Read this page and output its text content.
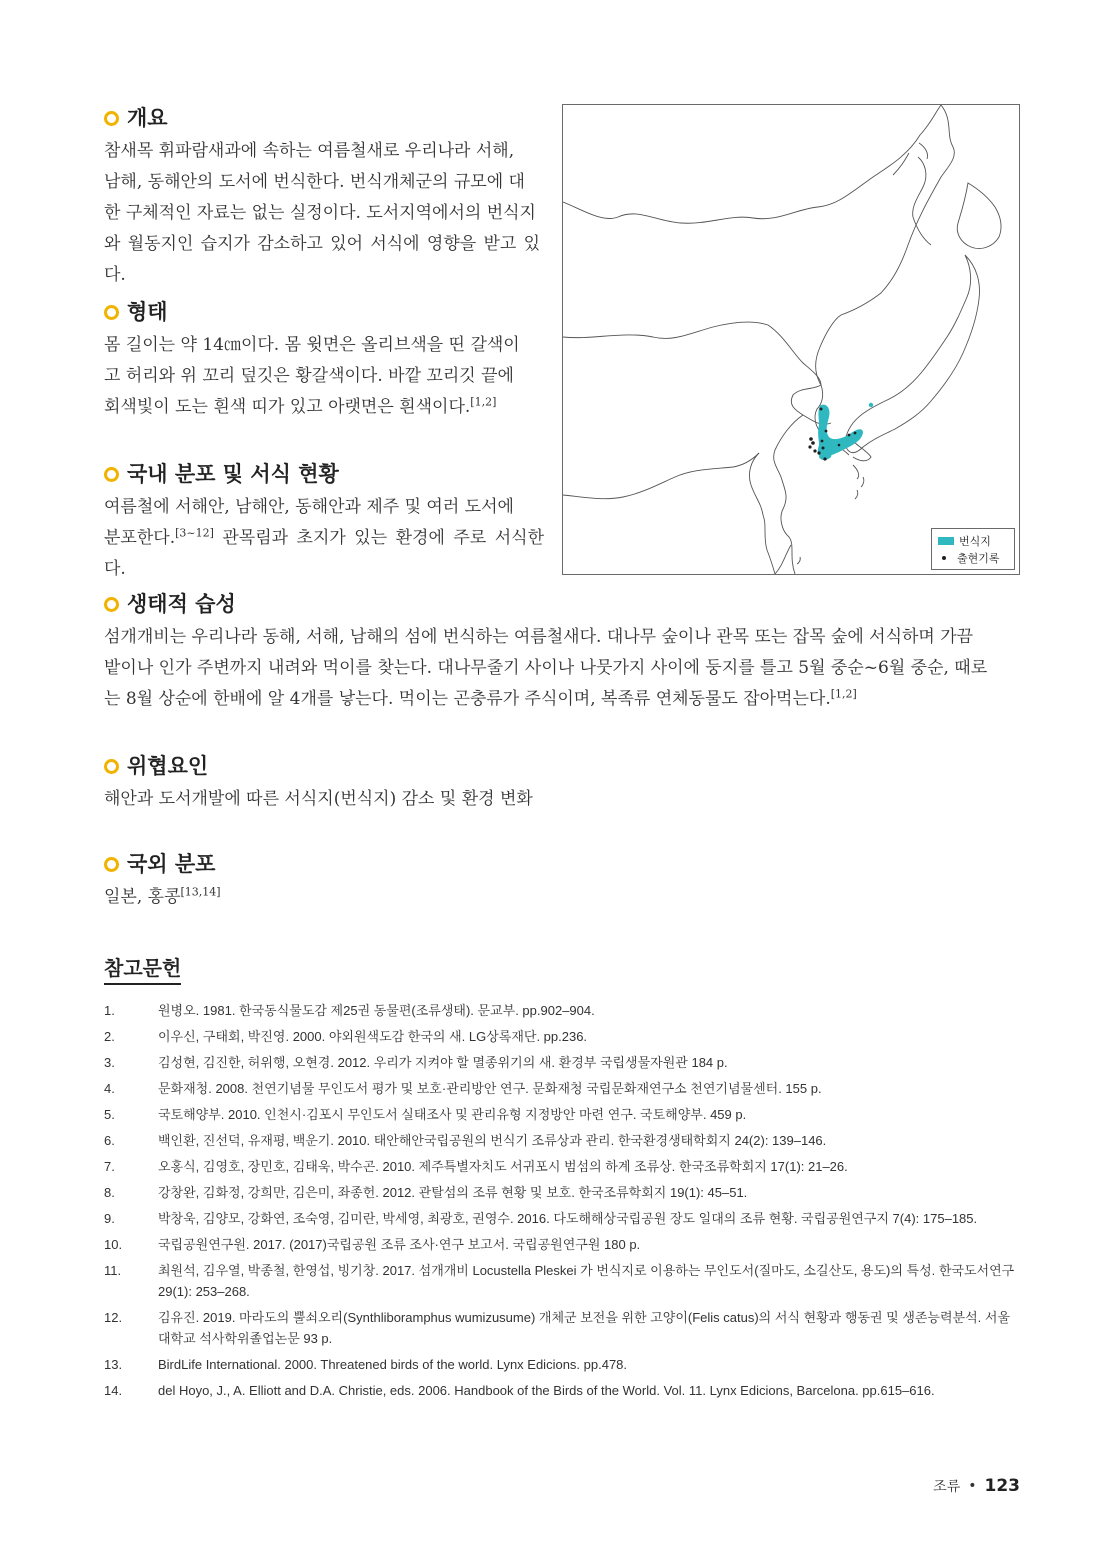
개요
참새목 휘파람새과에 속하는 여름철새로 우리나라 서해,
남해, 동해안의 도서에 번식한다. 번식개체군의 규모에 대
한 구체적인 자료는 없는 실정이다. 도서지역에서의 번식지
와 월동지인 습지가 감소하고 있어 서식에 영향을 받고 있다.
형태
몸 길이는 약 14㎝이다. 몸 윗면은 올리브색을 띤 갈색이
고 허리와 위 꼬리 덮깃은 황갈색이다. 바깥 꼬리깃 끝에
회색빛이 도는 흰색 띠가 있고 아랫면은 흰색이다.[1,2]
국내 분포 및 서식 현황
여름철에 서해안, 남해안, 동해안과 제주 및 여러 도서에
분포한다.[3~12] 관목림과 초지가 있는 환경에 주로 서식한다.
번식지
출현기록
생태적 습성
섬개개비는 우리나라 동해, 서해, 남해의 섬에 번식하는 여름철새다. 대나무 숲이나 관목 또는 잡목 숲에 서식하며 가끔
밭이나 인가 주변까지 내려와 먹이를 찾는다. 대나무줄기 사이나 나뭇가지 사이에 둥지를 틀고 5월 중순~6월 중순, 때로
는 8월 상순에 한배에 알 4개를 낳는다. 먹이는 곤충류가 주식이며, 복족류 연체동물도 잡아먹는다.[1,2]
위협요인
해안과 도서개발에 따른 서식지(번식지) 감소 및 환경 변화
국외 분포
일본, 홍콩[13,14]
참고문헌
1.	원병오. 1981. 한국동식물도감 제25권 동물편(조류생태). 문교부. pp.902–904.
2.	이우신, 구태회, 박진영. 2000. 야외원색도감 한국의 새. LG상록재단. pp.236.
3.	김성현, 김진한, 허위행, 오현경. 2012. 우리가 지켜야 할 멸종위기의 새. 환경부 국립생물자원관 184 p.
4.	문화재청. 2008. 천연기념물 무인도서 평가 및 보호·관리방안 연구. 문화재청 국립문화재연구소 천연기념물센터. 155 p.
5.	국토해양부. 2010. 인천시·김포시 무인도서 실태조사 및 관리유형 지정방안 마련 연구. 국토해양부. 459 p.
6.	백인환, 진선덕, 유재평, 백운기. 2010. 태안해안국립공원의 번식기 조류상과 관리. 한국환경생태학회지 24(2): 139–146.
7.	오홍식, 김영호, 장민호, 김태욱, 박수곤. 2010. 제주특별자치도 서귀포시 범섬의 하계 조류상. 한국조류학회지 17(1): 21–26.
8.	강창완, 김화정, 강희만, 김은미, 좌종헌. 2012. 관탈섬의 조류 현황 및 보호. 한국조류학회지 19(1): 45–51.
9.	박창욱, 김양모, 강화연, 조숙영, 김미란, 박세영, 최광호, 권영수. 2016. 다도해해상국립공원 장도 일대의 조류 현황. 국립공원연구지 7(4): 175–185.
10.	국립공원연구원. 2017. (2017)국립공원 조류 조사·연구 보고서. 국립공원연구원 180 p.
11.	최원석, 김우열, 박종철, 한영섭, 빙기창. 2017. 섬개개비 Locustella Pleskei 가 번식지로 이용하는 무인도서(질마도, 소길산도, 용도)의 특성. 한국도서연구 29(1): 253–268.
12.	김유진. 2019. 마라도의 뿔쇠오리(Synthliboramphus wumizusume) 개체군 보전을 위한 고양이(Felis catus)의 서식 현황과 행동권 및 생존능력분석. 서울대학교 석사학위졸업논문 93 p.
13.	BirdLife International. 2000. Threatened birds of the world. Lynx Edicions. pp.478.
14.	del Hoyo, J., A. Elliott and D.A. Christie, eds. 2006. Handbook of the Birds of the World. Vol. 11. Lynx Edicions, Barcelona. pp.615–616.
조류 • 123
